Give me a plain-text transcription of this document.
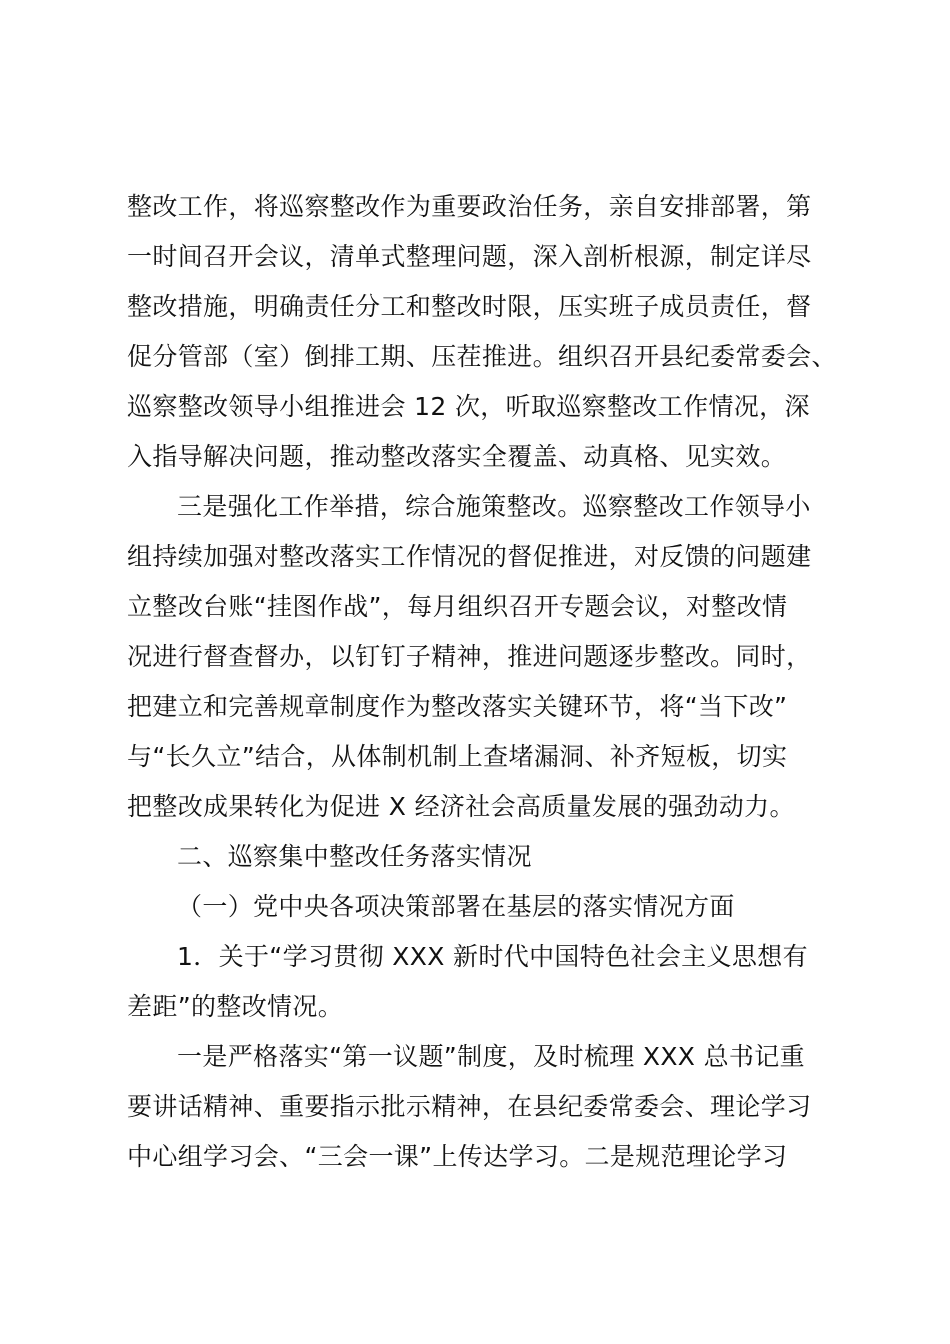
整改工作，将巡察整改作为重要政治任务，亲自安排部署，第
一时间召开会议，清单式整理问题，深入剖析根源，制定详尽
整改措施，明确责任分工和整改时限，压实班子成员责任，督
促分管部（室）倒排工期、压茬推进。组织召开县纪委常委会、
巡察整改领导小组推进会 12 次，听取巡察整改工作情况，深
入指导解决问题，推动整改落实全覆盖、动真格、见实效。
三是强化工作举措，综合施策整改。巡察整改工作领导小
组持续加强对整改落实工作情况的督促推进，对反馈的问题建
立整改台账“挂图作战”，每月组织召开专题会议，对整改情
况进行督查督办，以钉钉子精神，推进问题逐步整改。同时，
把建立和完善规章制度作为整改落实关键环节，将“当下改”
与“长久立”结合，从体制机制上查堵漏洞、补齐短板，切实
把整改成果转化为促进 X 经济社会高质量发展的强劲动力。
二、巡察集中整改任务落实情况
（一）党中央各项决策部署在基层的落实情况方面
1．关于“学习贯彻 XXX 新时代中国特色社会主义思想有
差距”的整改情况。
一是严格落实“第一议题”制度，及时梳理 XXX 总书记重
要讲话精神、重要指示批示精神，在县纪委常委会、理论学习
中心组学习会、“三会一课”上传达学习。二是规范理论学习
